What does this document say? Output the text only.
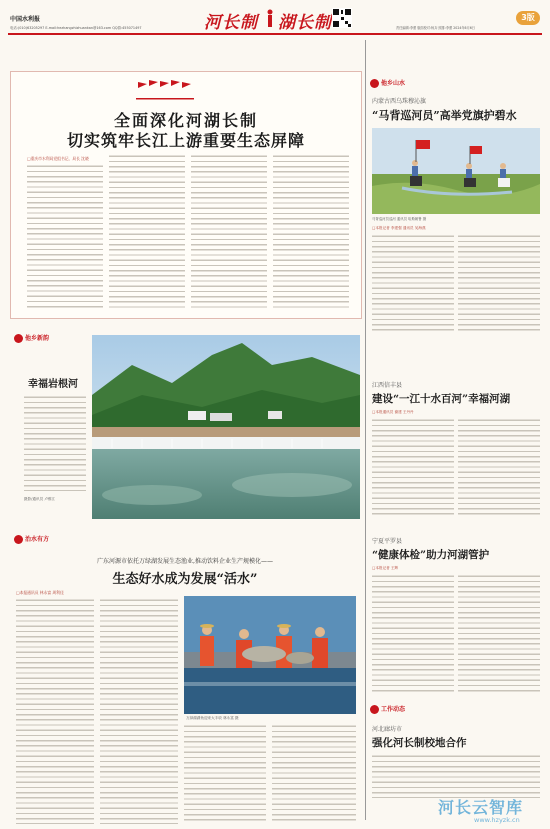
中国水利报
电话:(010)63205297 E-mail:hezhangzhizhuankan@163.com QQ群:455071497	河长制 湖长制	3版
责任编辑:李蕾 版面校对:杨卉 照排:李蕾 2024年6月6日
全面深化河湖长制
切实筑牢长江上游重要生态屏障
□重庆市水利局党组书记、局长 沈晓
他乡新韵
幸福岩根河
摄影/通讯员 卢维江
治水有方
广东河源市依托万绿湖发展生态渔业,推动饮料企业生产规模化——
生态好水成为发展“活水”
□本报通讯员 林永富 周利佳
万绿湖湖鱼迎来大丰收 林永富 摄
他乡山水
内蒙古西乌珠穆沁旗
“马背巡河员”高举党旗护碧水
马背巡河员巡河 通讯员 哈斯朝鲁 摄
□本报记者 李建强 通讯员 吴海燕
江西信丰县
建设“一江十水百河”幸福河湖
□本报通讯员 谢建 王丹丹
宁夏平罗县
“健康体检”助力河湖管护
□本报记者 王辉
工作动态
河北廊坊市
强化河长制校地合作
河长云智库
www.hzyzk.cn
